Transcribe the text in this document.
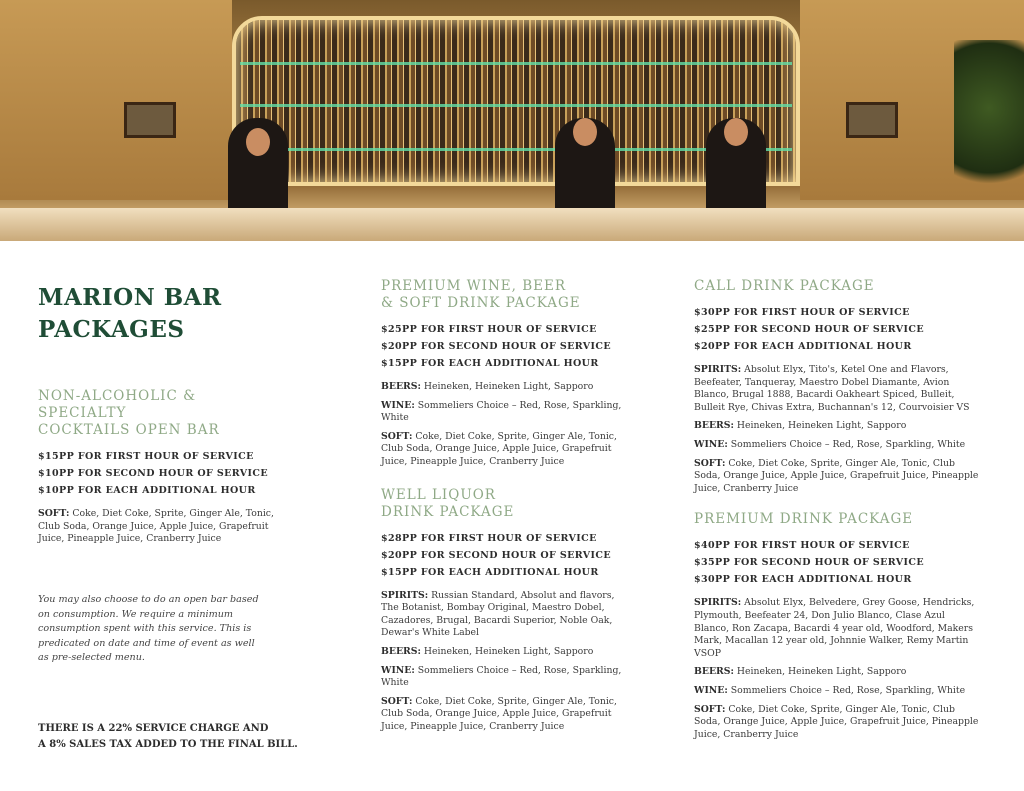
MARION BAR
PACKAGES
NON-ALCOHOLIC & SPECIALTY
COCKTAILS OPEN BAR
$15PP FOR FIRST HOUR OF SERVICE
$10PP FOR SECOND HOUR OF SERVICE
$10PP FOR EACH ADDITIONAL HOUR
SOFT: Coke, Diet Coke, Sprite, Ginger Ale, Tonic, Club Soda, Orange Juice, Apple Juice, Grapefruit Juice, Pineapple Juice, Cranberry Juice
PREMIUM WINE, BEER
& SOFT DRINK PACKAGE
$25PP FOR FIRST HOUR OF SERVICE
$20PP FOR SECOND HOUR OF SERVICE
$15PP FOR EACH ADDITIONAL HOUR
BEERS: Heineken, Heineken Light, Sapporo
WINE: Sommeliers Choice – Red, Rose, Sparkling, White
SOFT: Coke, Diet Coke, Sprite, Ginger Ale, Tonic, Club Soda, Orange Juice, Apple Juice, Grapefruit Juice, Pineapple Juice, Cranberry Juice
WELL LIQUOR
DRINK PACKAGE
$28PP FOR FIRST HOUR OF SERVICE
$20PP FOR SECOND HOUR OF SERVICE
$15PP FOR EACH ADDITIONAL HOUR
SPIRITS: Russian Standard, Absolut and flavors, The Botanist, Bombay Original, Maestro Dobel, Cazadores, Brugal, Bacardi Superior, Noble Oak, Dewar's White Label
BEERS: Heineken, Heineken Light, Sapporo
WINE: Sommeliers Choice – Red, Rose, Sparkling, White
SOFT: Coke, Diet Coke, Sprite, Ginger Ale, Tonic, Club Soda, Orange Juice, Apple Juice, Grapefruit Juice, Pineapple Juice, Cranberry Juice
CALL DRINK PACKAGE
$30PP FOR FIRST HOUR OF SERVICE
$25PP FOR SECOND HOUR OF SERVICE
$20PP FOR EACH ADDITIONAL HOUR
SPIRITS: Absolut Elyx, Tito's, Ketel One and Flavors, Beefeater, Tanqueray, Maestro Dobel Diamante, Avion Blanco, Brugal 1888, Bacardi Oakheart Spiced, Bulleit, Bulleit Rye, Chivas Extra, Buchannan's 12, Courvoisier VS
BEERS: Heineken, Heineken Light, Sapporo
WINE: Sommeliers Choice – Red, Rose, Sparkling, White
SOFT: Coke, Diet Coke, Sprite, Ginger Ale, Tonic, Club Soda, Orange Juice, Apple Juice, Grapefruit Juice, Pineapple Juice, Cranberry Juice
PREMIUM DRINK PACKAGE
$40PP FOR FIRST HOUR OF SERVICE
$35PP FOR SECOND HOUR OF SERVICE
$30PP FOR EACH ADDITIONAL HOUR
SPIRITS: Absolut Elyx, Belvedere, Grey Goose, Hendricks, Plymouth, Beefeater 24, Don Julio Blanco, Clase Azul Blanco, Ron Zacapa, Bacardi 4 year old, Woodford, Makers Mark, Macallan 12 year old, Johnnie Walker, Remy Martin VSOP
BEERS: Heineken, Heineken Light, Sapporo
WINE: Sommeliers Choice – Red, Rose, Sparkling, White
SOFT: Coke, Diet Coke, Sprite, Ginger Ale, Tonic, Club Soda, Orange Juice, Apple Juice, Grapefruit Juice, Pineapple Juice, Cranberry Juice
You may also choose to do an open bar based on consumption. We require a minimum consumption spent with this service. This is predicated on date and time of event as well as pre-selected menu.
THERE IS A 22% SERVICE CHARGE AND
A 8% SALES TAX ADDED TO THE FINAL BILL.
